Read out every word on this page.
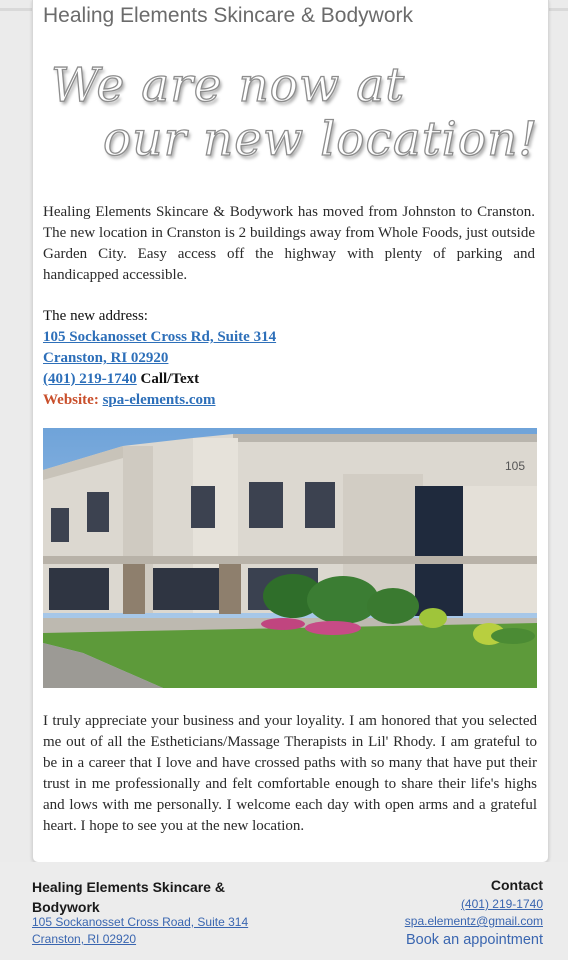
Healing Elements Skincare & Bodywork
We are now at
our new location!
Healing Elements Skincare & Bodywork has moved from Johnston to Cranston. The new location in Cranston is 2 buildings away from Whole Foods, just outside Garden City. Easy access off the highway with plenty of parking and handicapped accessible.
The new address:
105 Sockanosset Cross Rd, Suite 314
Cranston, RI 02920
(401) 219-1740 Call/Text
Website: spa-elements.com
105
I truly appreciate your business and your loyality. I am honored that you selected me out of all the Estheticians/Massage Therapists in Lil' Rhody. I am grateful to be in a career that I love and have crossed paths with so many that have put their trust in me professionally and felt comfortable enough to share their life's highs and lows with me personally. I welcome each day with open arms and a grateful heart. I hope to see you at the new location.
Healing Elements Skincare & Bodywork
105 Sockanosset Cross Road, Suite 314
Cranston, RI 02920
Contact
(401) 219-1740
spa.elementz@gmail.com
Book an appointment
